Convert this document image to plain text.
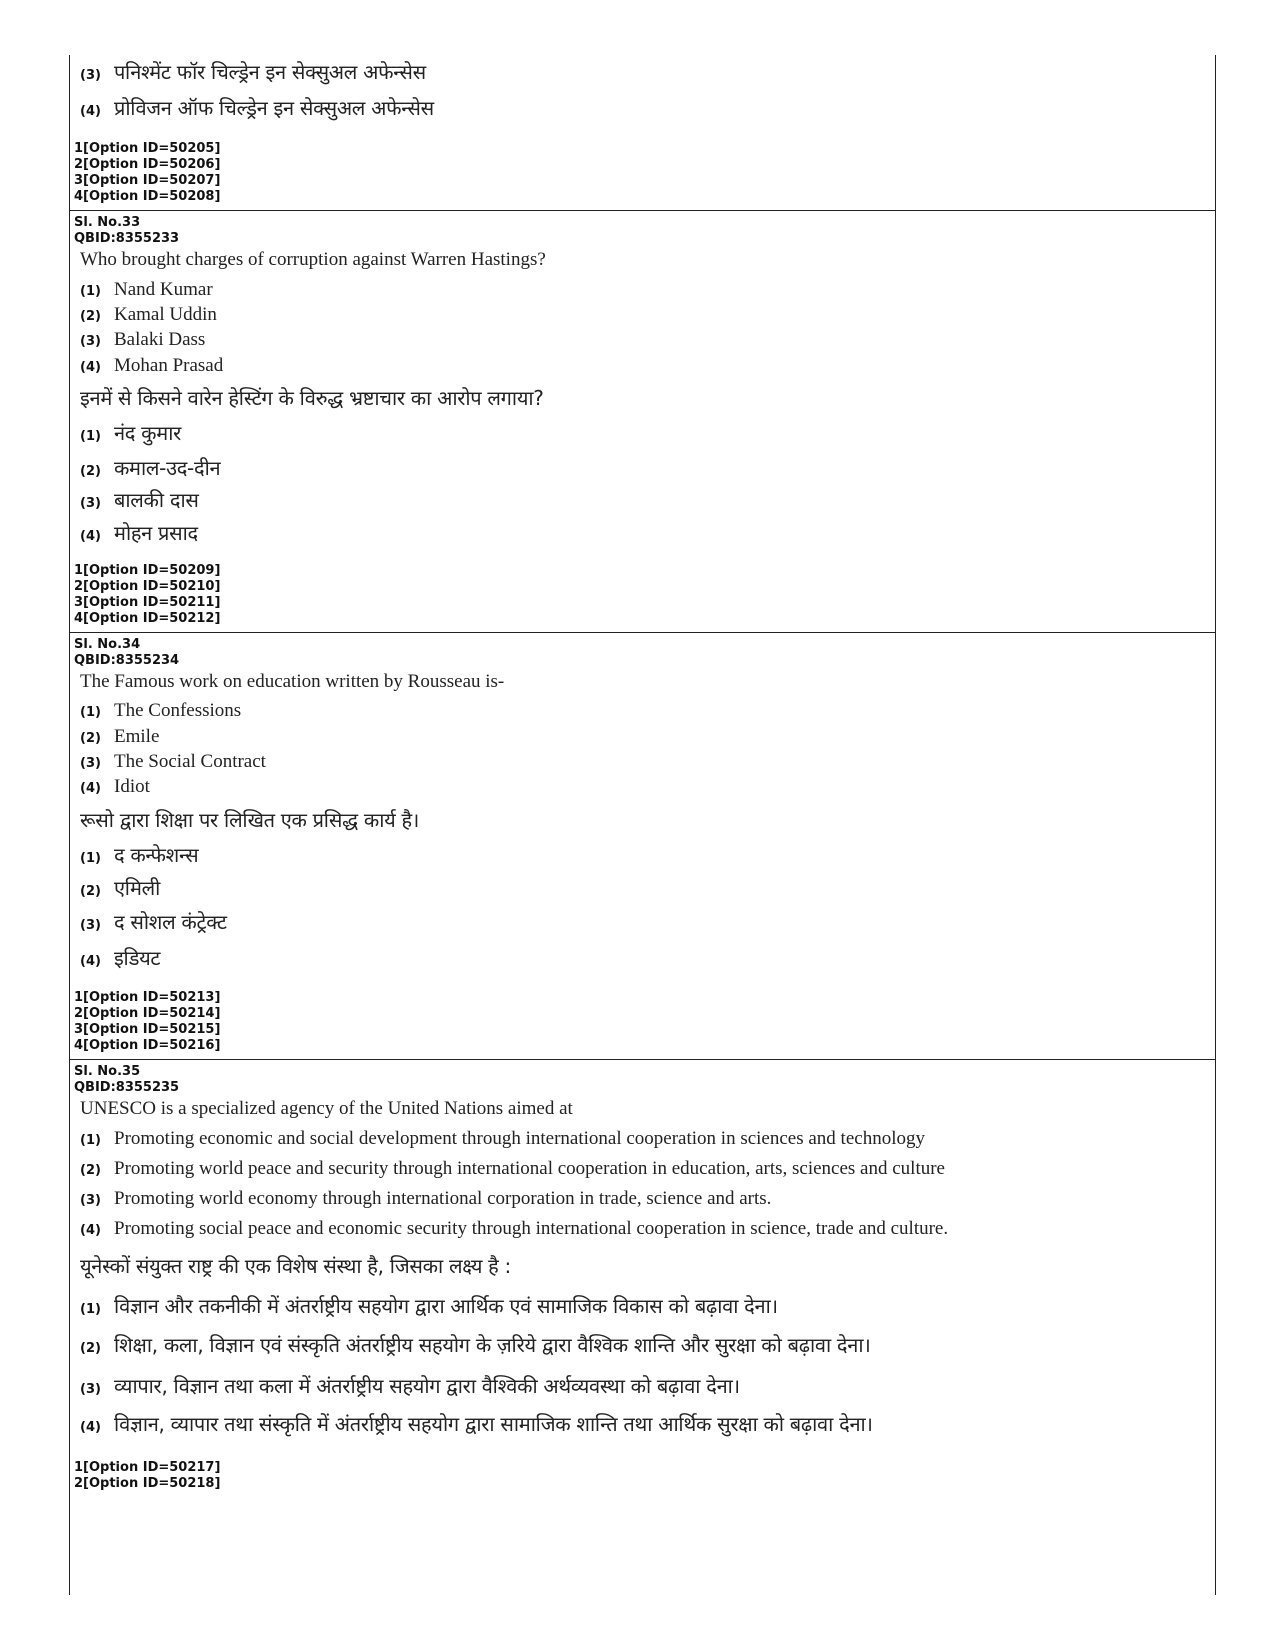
(3) पनिश्मेंट फॉर चिल्ड्रेन इन सेक्सुअल अफेन्सेस
(4) प्रोविजन ऑफ चिल्ड्रेन इन सेक्सुअल अफेन्सेस
1[Option ID=50205]
2[Option ID=50206]
3[Option ID=50207]
4[Option ID=50208]
Sl. No.33
QBID:8355233
Who brought charges of corruption against Warren Hastings?
(1) Nand Kumar
(2) Kamal Uddin
(3) Balaki Dass
(4) Mohan Prasad
इनमें से किसने वारेन हेस्टिंग के विरुद्ध भ्रष्टाचार का आरोप लगाया?
(1) नंद कुमार
(2) कमाल-उद-दीन
(3) बालकी दास
(4) मोहन प्रसाद
1[Option ID=50209]
2[Option ID=50210]
3[Option ID=50211]
4[Option ID=50212]
Sl. No.34
QBID:8355234
The Famous work on education written by Rousseau is-
(1) The Confessions
(2) Emile
(3) The Social Contract
(4) Idiot
रूसो द्वारा शिक्षा पर लिखित एक प्रसिद्ध कार्य है।
(1) द कन्फेशन्स
(2) एमिली
(3) द सोशल कंट्रेक्ट
(4) इडियट
1[Option ID=50213]
2[Option ID=50214]
3[Option ID=50215]
4[Option ID=50216]
Sl. No.35
QBID:8355235
UNESCO is a specialized agency of the United Nations aimed at
(1) Promoting economic and social development through international cooperation in sciences and technology
(2) Promoting world peace and security through international cooperation in education, arts, sciences and culture
(3) Promoting world economy through international corporation in trade, science and arts.
(4) Promoting social peace and economic security through international cooperation in science, trade and culture.
यूनेस्कों संयुक्त राष्ट्र की एक विशेष संस्था है, जिसका लक्ष्य है :
(1) विज्ञान और तकनीकी में अंतर्राष्ट्रीय सहयोग द्वारा आर्थिक एवं सामाजिक विकास को बढ़ावा देना।
(2) शिक्षा, कला, विज्ञान एवं संस्कृति अंतर्राष्ट्रीय सहयोग के ज़रिये द्वारा वैश्विक शान्ति और सुरक्षा को बढ़ावा देना।
(3) व्यापार, विज्ञान तथा कला में अंतर्राष्ट्रीय सहयोग द्वारा वैश्विकी अर्थव्यवस्था को बढ़ावा देना।
(4) विज्ञान, व्यापार तथा संस्कृति में अंतर्राष्ट्रीय सहयोग द्वारा सामाजिक शान्ति तथा आर्थिक सुरक्षा को बढ़ावा देना।
1[Option ID=50217]
2[Option ID=50218]
